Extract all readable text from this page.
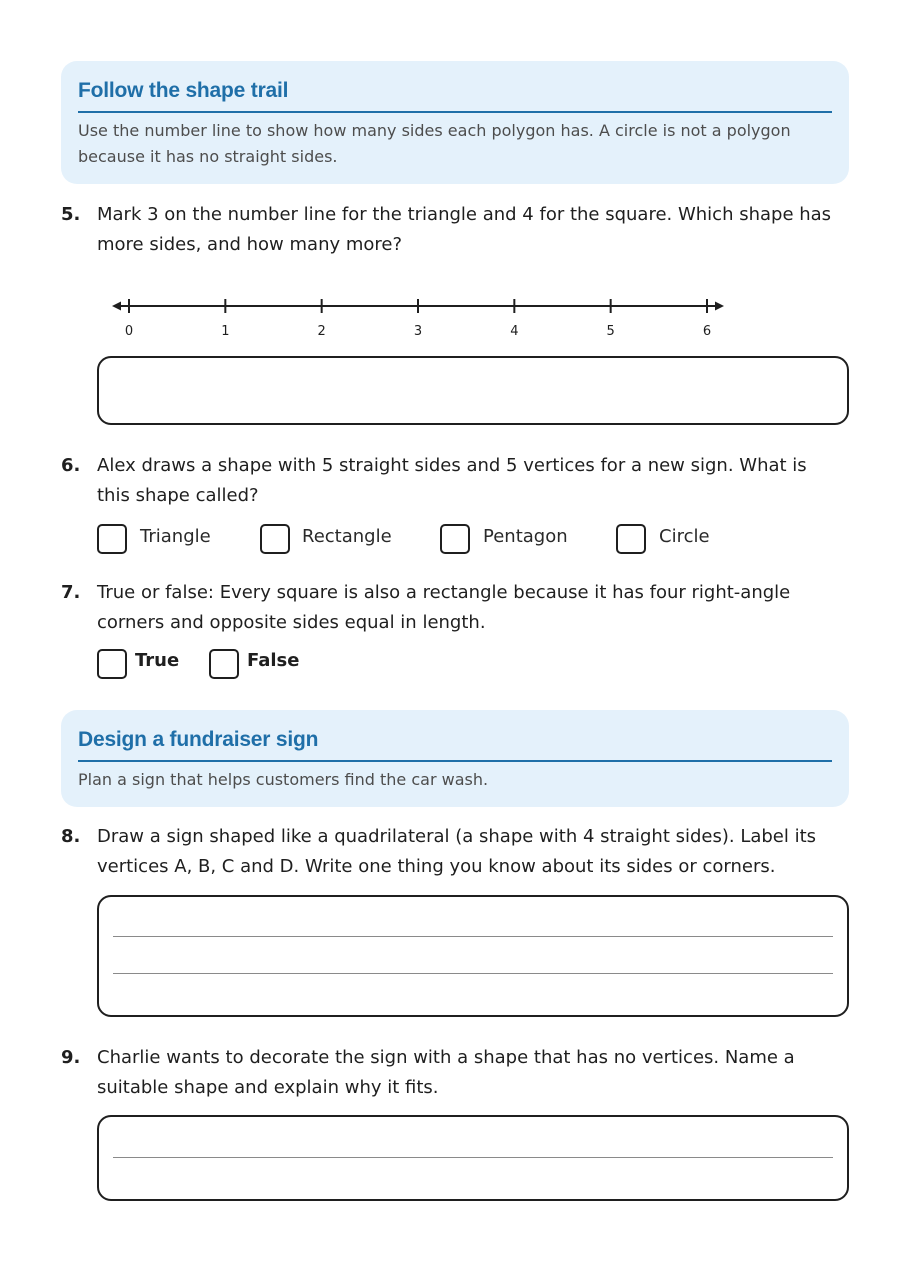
Follow the shape trail
Use the number line to show how many sides each polygon has. A circle is not a polygon because it has no straight sides.
5. Mark 3 on the number line for the triangle and 4 for the square. Which shape has more sides, and how many more?
0	1	2	3	4	5	6
6. Alex draws a shape with 5 straight sides and 5 vertices for a new sign. What is this shape called?
Triangle	Rectangle	Pentagon	Circle
7. True or false: Every square is also a rectangle because it has four right-angle corners and opposite sides equal in length.
True	False
Design a fundraiser sign
Plan a sign that helps customers find the car wash.
8. Draw a sign shaped like a quadrilateral (a shape with 4 straight sides). Label its vertices A, B, C and D. Write one thing you know about its sides or corners.
9. Charlie wants to decorate the sign with a shape that has no vertices. Name a suitable shape and explain why it fits.
